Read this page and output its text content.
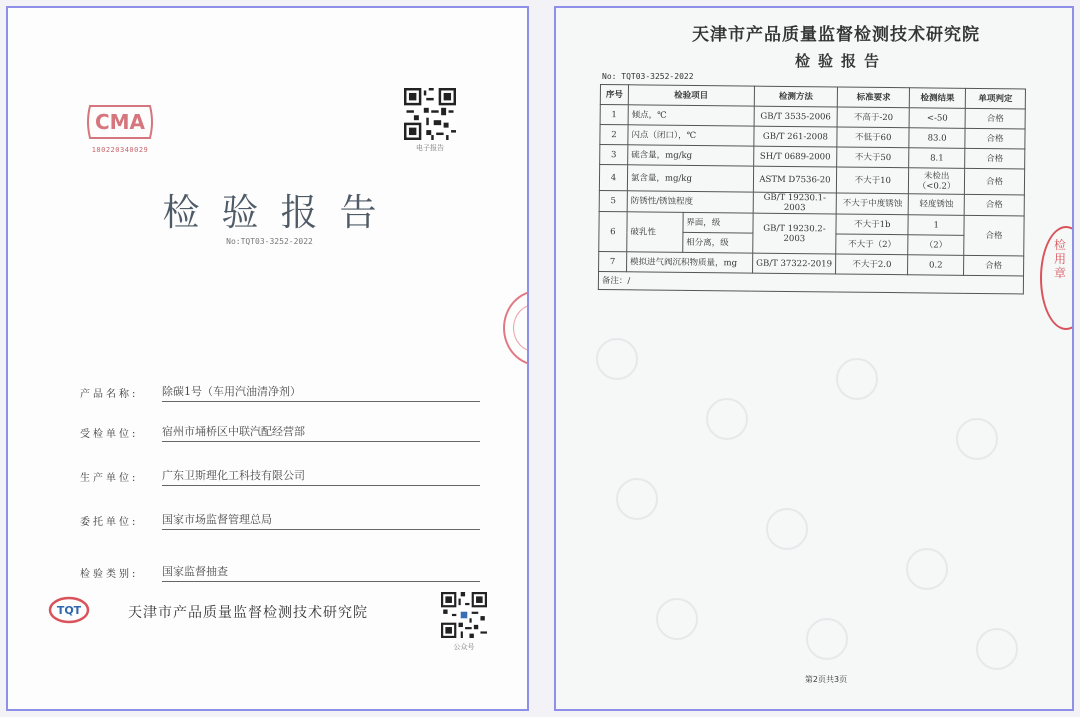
CMA
180220340029	电子报告
检验报告
No:TQT03-3252-2022
产品名称: 除碳1号（车用汽油清净剂）
受检单位: 宿州市埇桥区中联汽配经营部
生产单位: 广东卫斯理化工科技有限公司
委托单位: 国家市场监督管理总局
检验类别: 国家监督抽查
TQT	天津市产品质量监督检测技术研究院
公众号
天津市产品质量监督检测技术研究院
检验报告
No: TQT03-3252-2022
序号	检验项目		检测方法	标准要求	检测结果	单项判定
1	倾点，℃		GB/T 3535-2006	不高于-20	<-50	合格
2	闪点（闭口），℃		GB/T 261-2008	不低于60	83.0	合格
3	硫含量，mg/kg		SH/T 0689-2000	不大于50	8.1	合格
4	氯含量，mg/kg		ASTM D7536-20	不大于10	未检出（<0.2）	合格
5	防锈性/锈蚀程度		GB/T 19230.1-2003	不大于中度锈蚀	轻度锈蚀	合格
6	破乳性	界面，级	GB/T 19230.2-2003	不大于1b	1	合格
		相分离，级		不大于（2）	（2）	
7	模拟进气阀沉积物质量，mg		GB/T 37322-2019	不大于2.0	0.2	合格
备注：/						
检用章
第2页共3页
